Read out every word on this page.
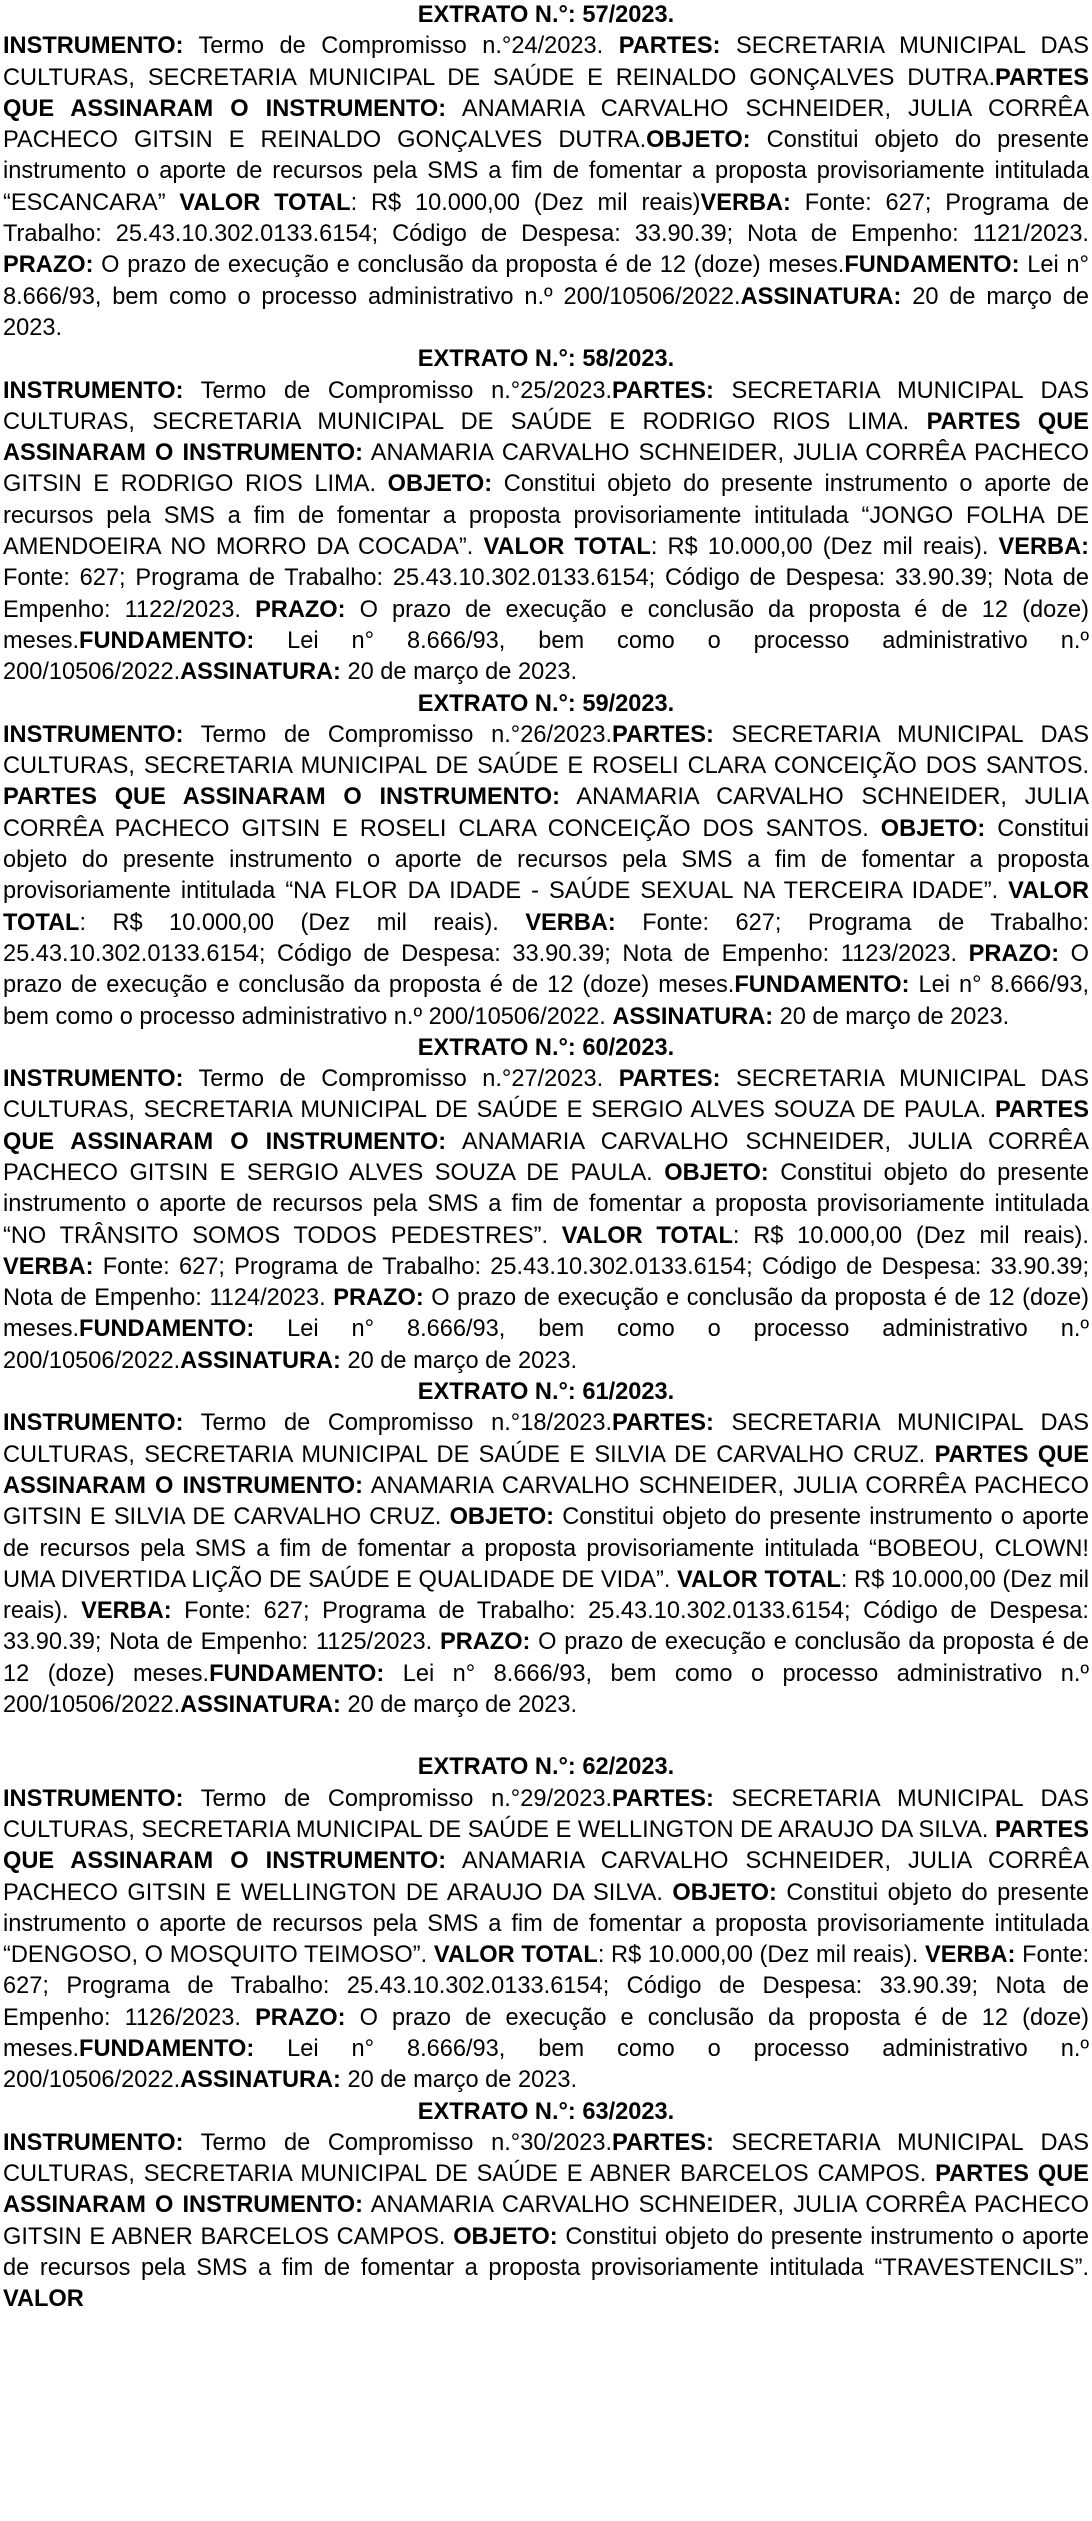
EXTRATO N.°: 57/2023.

INSTRUMENTO: Termo de Compromisso n.°24/2023. PARTES: SECRETARIA MUNICIPAL DAS CULTURAS, SECRETARIA MUNICIPAL DE SAÚDE E REINALDO GONÇALVES DUTRA.PARTES QUE ASSINARAM O INSTRUMENTO: ANAMARIA CARVALHO SCHNEIDER, JULIA CORRÊA PACHECO GITSIN E REINALDO GONÇALVES DUTRA.OBJETO: Constitui objeto do presente instrumento o aporte de recursos pela SMS a fim de fomentar a proposta provisoriamente intitulada “ESCANCARA” VALOR TOTAL: R$ 10.000,00 (Dez mil reais)VERBA: Fonte: 627; Programa de Trabalho: 25.43.10.302.0133.6154; Código de Despesa: 33.90.39; Nota de Empenho: 1121/2023. PRAZO: O prazo de execução e conclusão da proposta é de 12 (doze) meses.FUNDAMENTO: Lei n° 8.666/93, bem como o processo administrativo n.º 200/10506/2022.ASSINATURA: 20 de março de 2023.

EXTRATO N.°: 58/2023.

INSTRUMENTO: Termo de Compromisso n.°25/2023.PARTES: SECRETARIA MUNICIPAL DAS CULTURAS, SECRETARIA MUNICIPAL DE SAÚDE E RODRIGO RIOS LIMA. PARTES QUE ASSINARAM O INSTRUMENTO: ANAMARIA CARVALHO SCHNEIDER, JULIA CORRÊA PACHECO GITSIN E RODRIGO RIOS LIMA. OBJETO: Constitui objeto do presente instrumento o aporte de recursos pela SMS a fim de fomentar a proposta provisoriamente intitulada “JONGO FOLHA DE AMENDOEIRA NO MORRO DA COCADA”. VALOR TOTAL: R$ 10.000,00 (Dez mil reais). VERBA: Fonte: 627; Programa de Trabalho: 25.43.10.302.0133.6154; Código de Despesa: 33.90.39; Nota de Empenho: 1122/2023. PRAZO: O prazo de execução e conclusão da proposta é de 12 (doze) meses.FUNDAMENTO: Lei n° 8.666/93, bem como o processo administrativo n.º 200/10506/2022.ASSINATURA: 20 de março de 2023.

EXTRATO N.°: 59/2023.

INSTRUMENTO: Termo de Compromisso n.°26/2023.PARTES: SECRETARIA MUNICIPAL DAS CULTURAS, SECRETARIA MUNICIPAL DE SAÚDE E ROSELI CLARA CONCEIÇÃO DOS SANTOS. PARTES QUE ASSINARAM O INSTRUMENTO: ANAMARIA CARVALHO SCHNEIDER, JULIA CORRÊA PACHECO GITSIN E ROSELI CLARA CONCEIÇÃO DOS SANTOS. OBJETO: Constitui objeto do presente instrumento o aporte de recursos pela SMS a fim de fomentar a proposta provisoriamente intitulada “NA FLOR DA IDADE - SAÚDE SEXUAL NA TERCEIRA IDADE”. VALOR TOTAL: R$ 10.000,00 (Dez mil reais). VERBA: Fonte: 627; Programa de Trabalho: 25.43.10.302.0133.6154; Código de Despesa: 33.90.39; Nota de Empenho: 1123/2023. PRAZO: O prazo de execução e conclusão da proposta é de 12 (doze) meses.FUNDAMENTO: Lei n° 8.666/93, bem como o processo administrativo n.º 200/10506/2022. ASSINATURA: 20 de março de 2023.

EXTRATO N.°: 60/2023.

INSTRUMENTO: Termo de Compromisso n.°27/2023. PARTES: SECRETARIA MUNICIPAL DAS CULTURAS, SECRETARIA MUNICIPAL DE SAÚDE E SERGIO ALVES SOUZA DE PAULA. PARTES QUE ASSINARAM O INSTRUMENTO: ANAMARIA CARVALHO SCHNEIDER, JULIA CORRÊA PACHECO GITSIN E SERGIO ALVES SOUZA DE PAULA. OBJETO: Constitui objeto do presente instrumento o aporte de recursos pela SMS a fim de fomentar a proposta provisoriamente intitulada “NO TRÂNSITO SOMOS TODOS PEDESTRES”. VALOR TOTAL: R$ 10.000,00 (Dez mil reais). VERBA: Fonte: 627; Programa de Trabalho: 25.43.10.302.0133.6154; Código de Despesa: 33.90.39; Nota de Empenho: 1124/2023. PRAZO: O prazo de execução e conclusão da proposta é de 12 (doze) meses.FUNDAMENTO: Lei n° 8.666/93, bem como o processo administrativo n.º 200/10506/2022.ASSINATURA: 20 de março de 2023.

EXTRATO N.°: 61/2023.

INSTRUMENTO: Termo de Compromisso n.°18/2023.PARTES: SECRETARIA MUNICIPAL DAS CULTURAS, SECRETARIA MUNICIPAL DE SAÚDE E SILVIA DE CARVALHO CRUZ. PARTES QUE ASSINARAM O INSTRUMENTO: ANAMARIA CARVALHO SCHNEIDER, JULIA CORRÊA PACHECO GITSIN E SILVIA DE CARVALHO CRUZ. OBJETO: Constitui objeto do presente instrumento o aporte de recursos pela SMS a fim de fomentar a proposta provisoriamente intitulada “BOBEOU, CLOWN! UMA DIVERTIDA LIÇÃO DE SAÚDE E QUALIDADE DE VIDA”. VALOR TOTAL: R$ 10.000,00 (Dez mil reais). VERBA: Fonte: 627; Programa de Trabalho: 25.43.10.302.0133.6154; Código de Despesa: 33.90.39; Nota de Empenho: 1125/2023. PRAZO: O prazo de execução e conclusão da proposta é de 12 (doze) meses.FUNDAMENTO: Lei n° 8.666/93, bem como o processo administrativo n.º 200/10506/2022.ASSINATURA: 20 de março de 2023.

EXTRATO N.°: 62/2023.

INSTRUMENTO: Termo de Compromisso n.°29/2023.PARTES: SECRETARIA MUNICIPAL DAS CULTURAS, SECRETARIA MUNICIPAL DE SAÚDE E WELLINGTON DE ARAUJO DA SILVA. PARTES QUE ASSINARAM O INSTRUMENTO: ANAMARIA CARVALHO SCHNEIDER, JULIA CORRÊA PACHECO GITSIN E WELLINGTON DE ARAUJO DA SILVA. OBJETO: Constitui objeto do presente instrumento o aporte de recursos pela SMS a fim de fomentar a proposta provisoriamente intitulada “DENGOSO, O MOSQUITO TEIMOSO”. VALOR TOTAL: R$ 10.000,00 (Dez mil reais). VERBA: Fonte: 627; Programa de Trabalho: 25.43.10.302.0133.6154; Código de Despesa: 33.90.39; Nota de Empenho: 1126/2023. PRAZO: O prazo de execução e conclusão da proposta é de 12 (doze) meses.FUNDAMENTO: Lei n° 8.666/93, bem como o processo administrativo n.º 200/10506/2022.ASSINATURA: 20 de março de 2023.

EXTRATO N.°: 63/2023.

INSTRUMENTO: Termo de Compromisso n.°30/2023.PARTES: SECRETARIA MUNICIPAL DAS CULTURAS, SECRETARIA MUNICIPAL DE SAÚDE E ABNER BARCELOS CAMPOS. PARTES QUE ASSINARAM O INSTRUMENTO: ANAMARIA CARVALHO SCHNEIDER, JULIA CORRÊA PACHECO GITSIN E ABNER BARCELOS CAMPOS. OBJETO: Constitui objeto do presente instrumento o aporte de recursos pela SMS a fim de fomentar a proposta provisoriamente intitulada “TRAVESTENCILS”. VALOR
